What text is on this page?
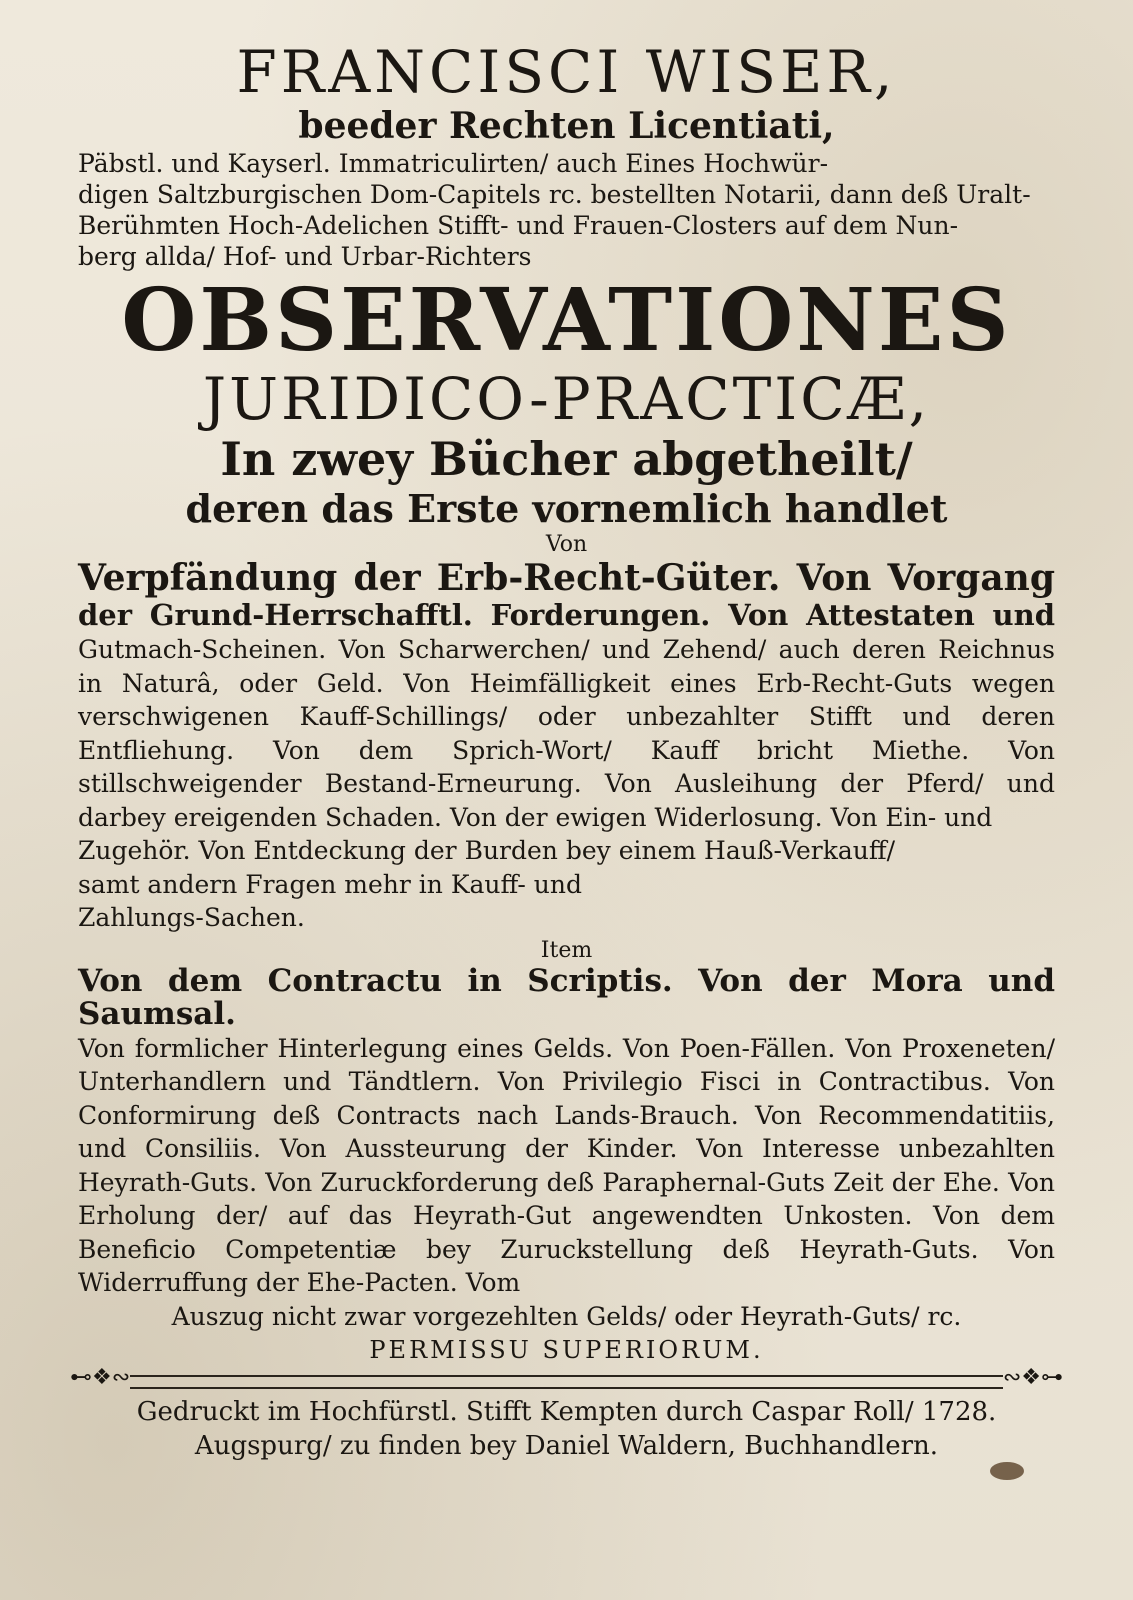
FRANCISCI WISER,
beeder Rechten Licentiati,
Päbstl. und Kayserl. Immatriculirten/ auch Eines Hochwür-
digen Saltzburgischen Dom-Capitels rc. bestellten Notarii, dann deß Uralt-
Berühmten Hoch-Adelichen Stifft- und Frauen-Closters auf dem Nun-
berg allda/ Hof- und Urbar-Richters
OBSERVATIONES
JURIDICO-PRACTICÆ,
In zwey Bücher abgetheilt/
deren das Erste vornemlich handlet
Von
Verpfändung der Erb-Recht-Güter. Von Vorgang
der Grund-Herrschafftl. Forderungen. Von Attestaten und

Gutmach-Scheinen. Von Scharwerchen/ und Zehend/ auch deren Reichnus in Naturâ, oder Geld. Von Heimfälligkeit eines Erb-Recht-Guts wegen verschwigenen Kauff-Schillings/ oder unbezahlter Stifft und deren Entfliehung. Von dem Sprich-Wort/ Kauff bricht Miethe. Von stillschweigender Bestand-Erneurung. Von Ausleihung der Pferd/ und darbey ereigenden Schaden. Von der ewigen Widerlosung. Von Ein- und

Zugehör. Von Entdeckung der Burden bey einem Hauß-Verkauff/
samt andern Fragen mehr in Kauff- und
Zahlungs-Sachen.
Item
Von dem Contractu in Scriptis. Von der Mora und Saumsal.

Von formlicher Hinterlegung eines Gelds. Von Poen-Fällen. Von Proxeneten/ Unterhandlern und Tändtlern. Von Privilegio Fisci in Contractibus. Von Conformirung deß Contracts nach Lands-Brauch. Von Recommendatitiis, und Consiliis. Von Aussteurung der Kinder. Von Interesse unbezahlten Heyrath-Guts. Von Zuruckforderung deß Paraphernal-Guts Zeit der Ehe. Von Erholung der/ auf das Heyrath-Gut angewendten Unkosten. Von dem Beneficio Competentiæ bey Zuruckstellung deß Heyrath-Guts. Von Widerruffung der Ehe-Pacten. Vom

Auszug nicht zwar vorgezehlten Gelds/ oder Heyrath-Guts/ rc.
PERMISSU SUPERIORUM.
⊷❖∾	∾❖⊶
Gedruckt im Hochfürstl. Stifft Kempten durch Caspar Roll/ 1728.
Augspurg/ zu finden bey Daniel Waldern, Buchhandlern.
